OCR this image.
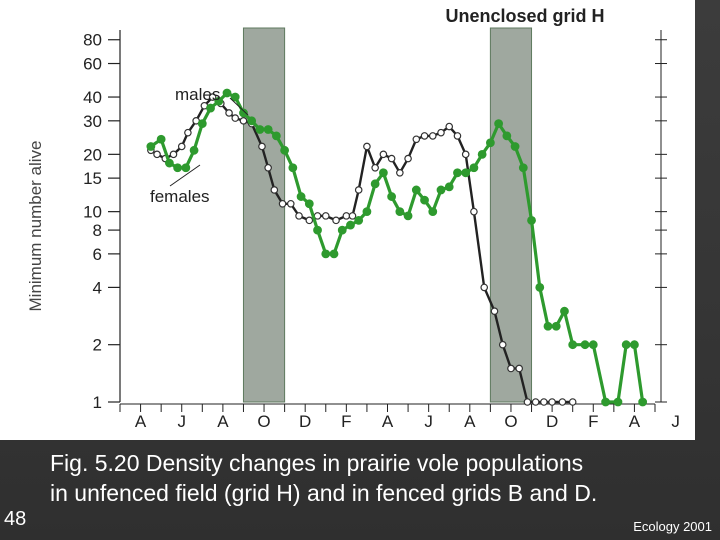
1
2
4
6
8
10
15
20
30
40
60
80
A J A O D F A J A O D F A J
Minimum number alive
Unenclosed grid H
males
females
Fig. 5.20 Density changes in prairie vole populations
in unfenced field (grid H) and in fenced grids B and D.
48	Ecology 2001
